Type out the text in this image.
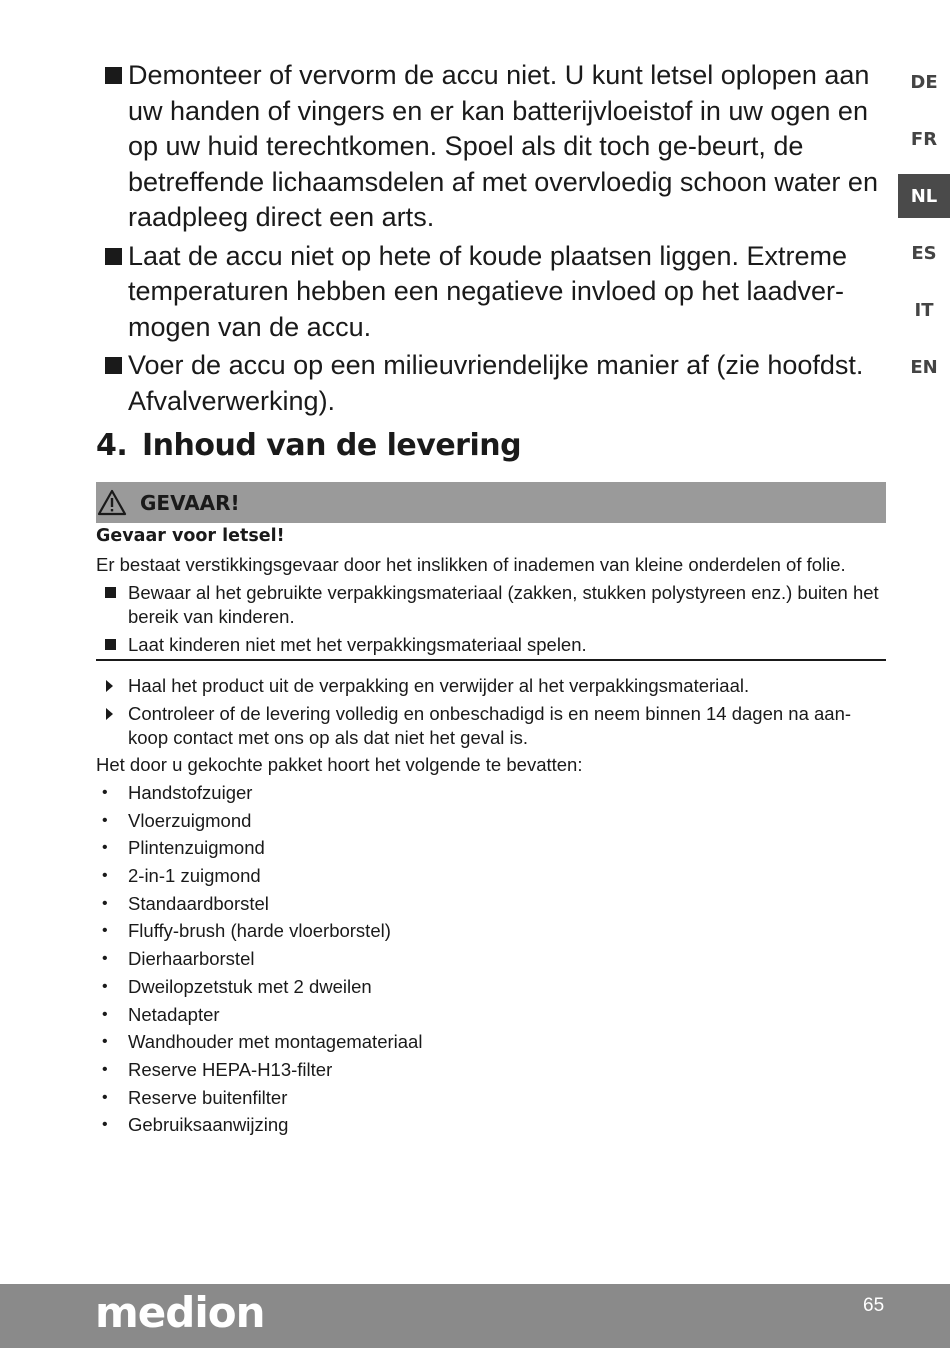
DE
FR
NL
ES
IT
EN
Demonteer of vervorm de accu niet. U kunt letsel oplopen aan uw handen of vingers en er kan batterijvloeistof in uw ogen en op uw huid terechtkomen. Spoel als dit toch ge-beurt, de betreffende lichaamsdelen af met overvloedig schoon water en raadpleeg direct een arts.
Laat de accu niet op hete of koude plaatsen liggen. Extreme temperaturen hebben een negatieve invloed op het laadver-mogen van de accu.
Voer de accu op een milieuvriendelijke manier af (zie hoofdst. Afvalverwerking).
4. Inhoud van de levering
GEVAAR!
Gevaar voor letsel!
Er bestaat verstikkingsgevaar door het inslikken of inademen van kleine onderdelen of folie.
Bewaar al het gebruikte verpakkingsmateriaal (zakken, stukken polystyreen enz.) buiten het bereik van kinderen.
Laat kinderen niet met het verpakkingsmateriaal spelen.
Haal het product uit de verpakking en verwijder al het verpakkingsmateriaal.
Controleer of de levering volledig en onbeschadigd is en neem binnen 14 dagen na aan-koop contact met ons op als dat niet het geval is.
Het door u gekochte pakket hoort het volgende te bevatten:
• Handstofzuiger
• Vloerzuigmond
• Plintenzuigmond
• 2-in-1 zuigmond
• Standaardborstel
• Fluffy-brush (harde vloerborstel)
• Dierhaarborstel
• Dweilopzetstuk met 2 dweilen
• Netadapter
• Wandhouder met montagemateriaal
• Reserve HEPA-H13-filter
• Reserve buitenfilter
• Gebruiksaanwijzing
medion	65
